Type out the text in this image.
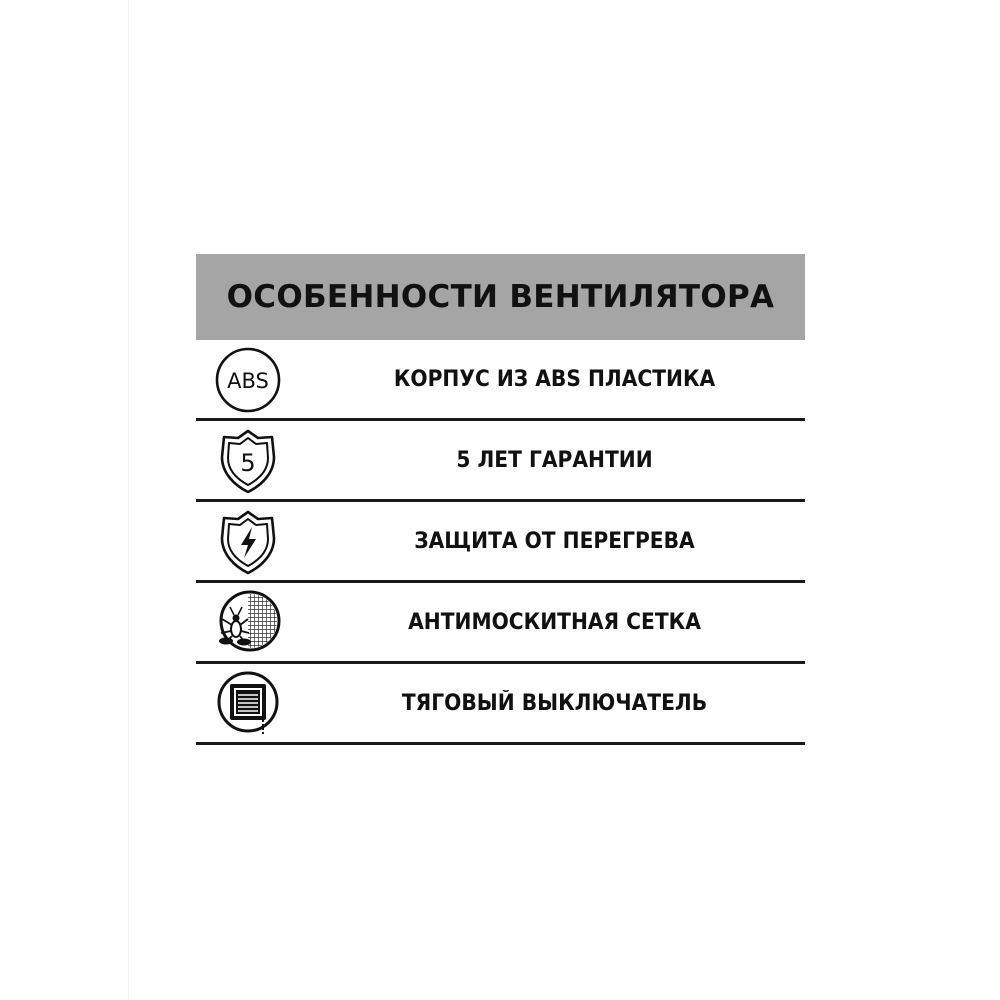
ОСОБЕННОСТИ ВЕНТИЛЯТОРА
ABS	КОРПУС ИЗ ABS ПЛАСТИКА
5	5 ЛЕТ ГАРАНТИИ
ЗАЩИТА ОТ ПЕРЕГРЕВА
АНТИМОСКИТНАЯ СЕТКА
ТЯГОВЫЙ ВЫКЛЮЧАТЕЛЬ
